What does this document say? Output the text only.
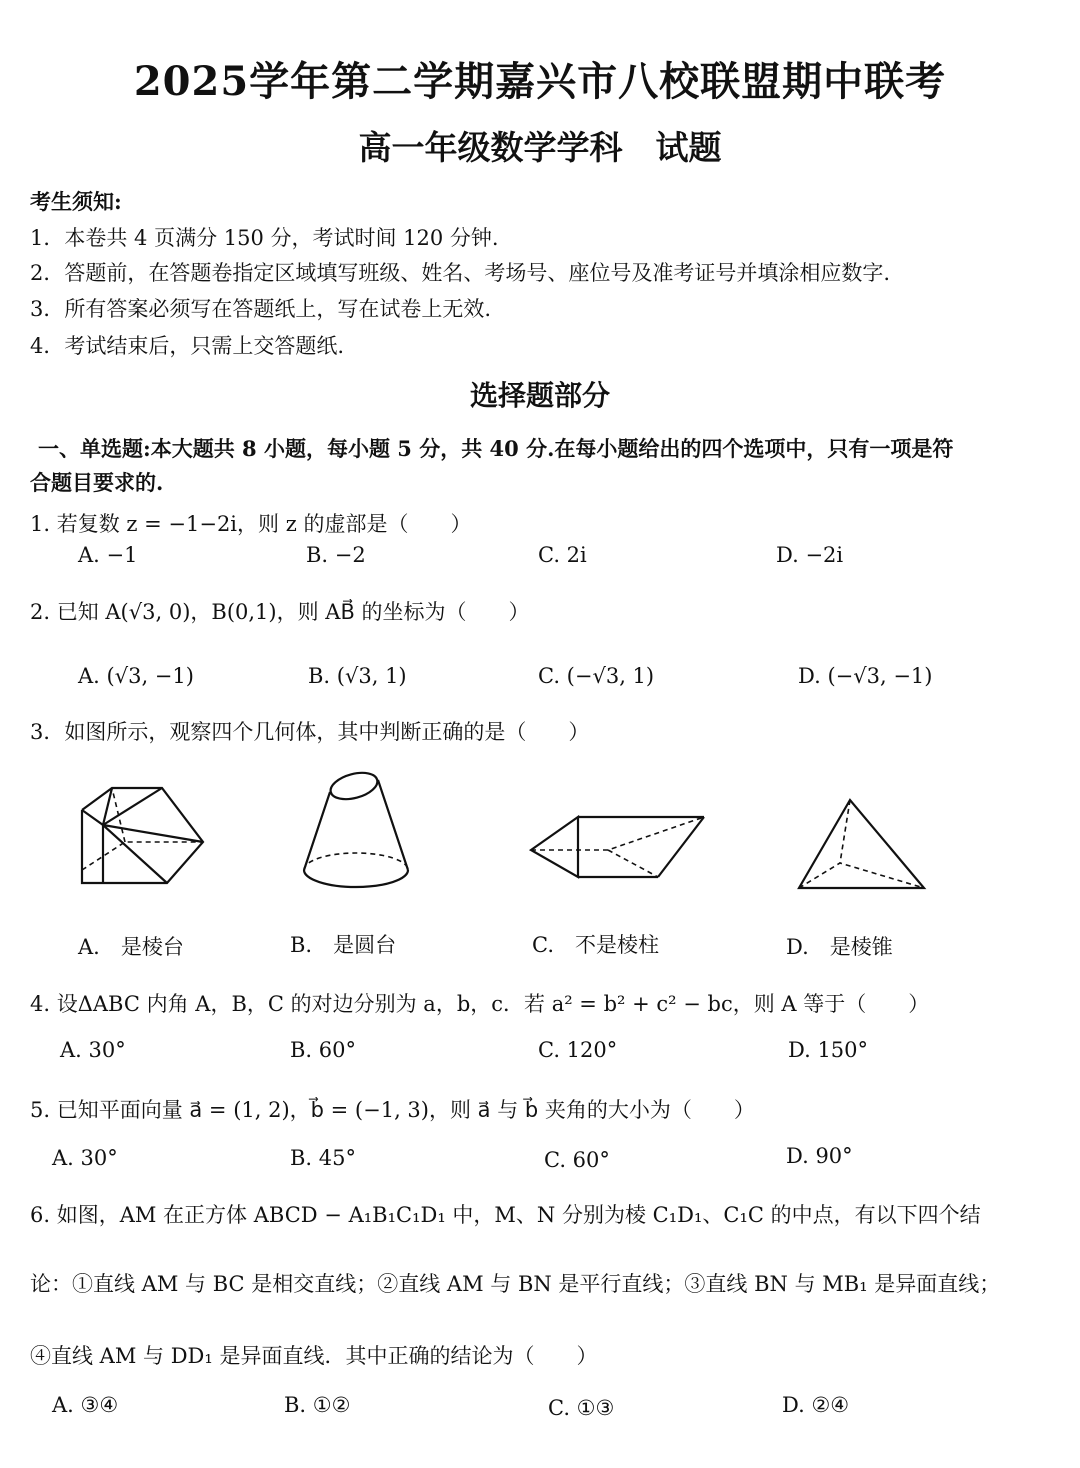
2025学年第二学期嘉兴市八校联盟期中联考
高一年级数学学科　试题
考生须知:
1．本卷共 4 页满分 150 分，考试时间 120 分钟.
2．答题前，在答题卷指定区域填写班级、姓名、考场号、座位号及准考证号并填涂相应数字.
3．所有答案必须写在答题纸上，写在试卷上无效.
4．考试结束后，只需上交答题纸.
选择题部分
一、单选题:本大题共 8 小题，每小题 5 分，共 40 分.在每小题给出的四个选项中，只有一项是符
合题目要求的.
1. 若复数 z = −1−2i，则 z 的虚部是（　　）
A. −1	B. −2	C. 2i	D. −2i
2. 已知 A(√3, 0)，B(0,1)，则 AB⃗ 的坐标为（　　）
A. (√3, −1)	B. (√3, 1)	C. (−√3, 1)	D. (−√3, −1)
3．如图所示，观察四个几何体，其中判断正确的是（　　）
A.　是棱台	B.　是圆台	C.　不是棱柱	D.　是棱锥
4. 设ΔABC 内角 A，B，C 的对边分别为 a，b，c．若 a² = b² + c² − bc，则 A 等于（　　）
A. 30°	B. 60°	C. 120°	D. 150°
5. 已知平面向量 a⃗ = (1, 2)，b⃗ = (−1, 3)，则 a⃗ 与 b⃗ 夹角的大小为（　　）
A. 30°	B. 45°	C. 60°	D. 90°
6. 如图，AM 在正方体 ABCD − A₁B₁C₁D₁ 中，M、N 分别为棱 C₁D₁、C₁C 的中点，有以下四个结
论：①直线 AM 与 BC 是相交直线；②直线 AM 与 BN 是平行直线；③直线 BN 与 MB₁ 是异面直线；
④直线 AM 与 DD₁ 是异面直线．其中正确的结论为（　　）
A. ③④	B. ①②	C. ①③	D. ②④
